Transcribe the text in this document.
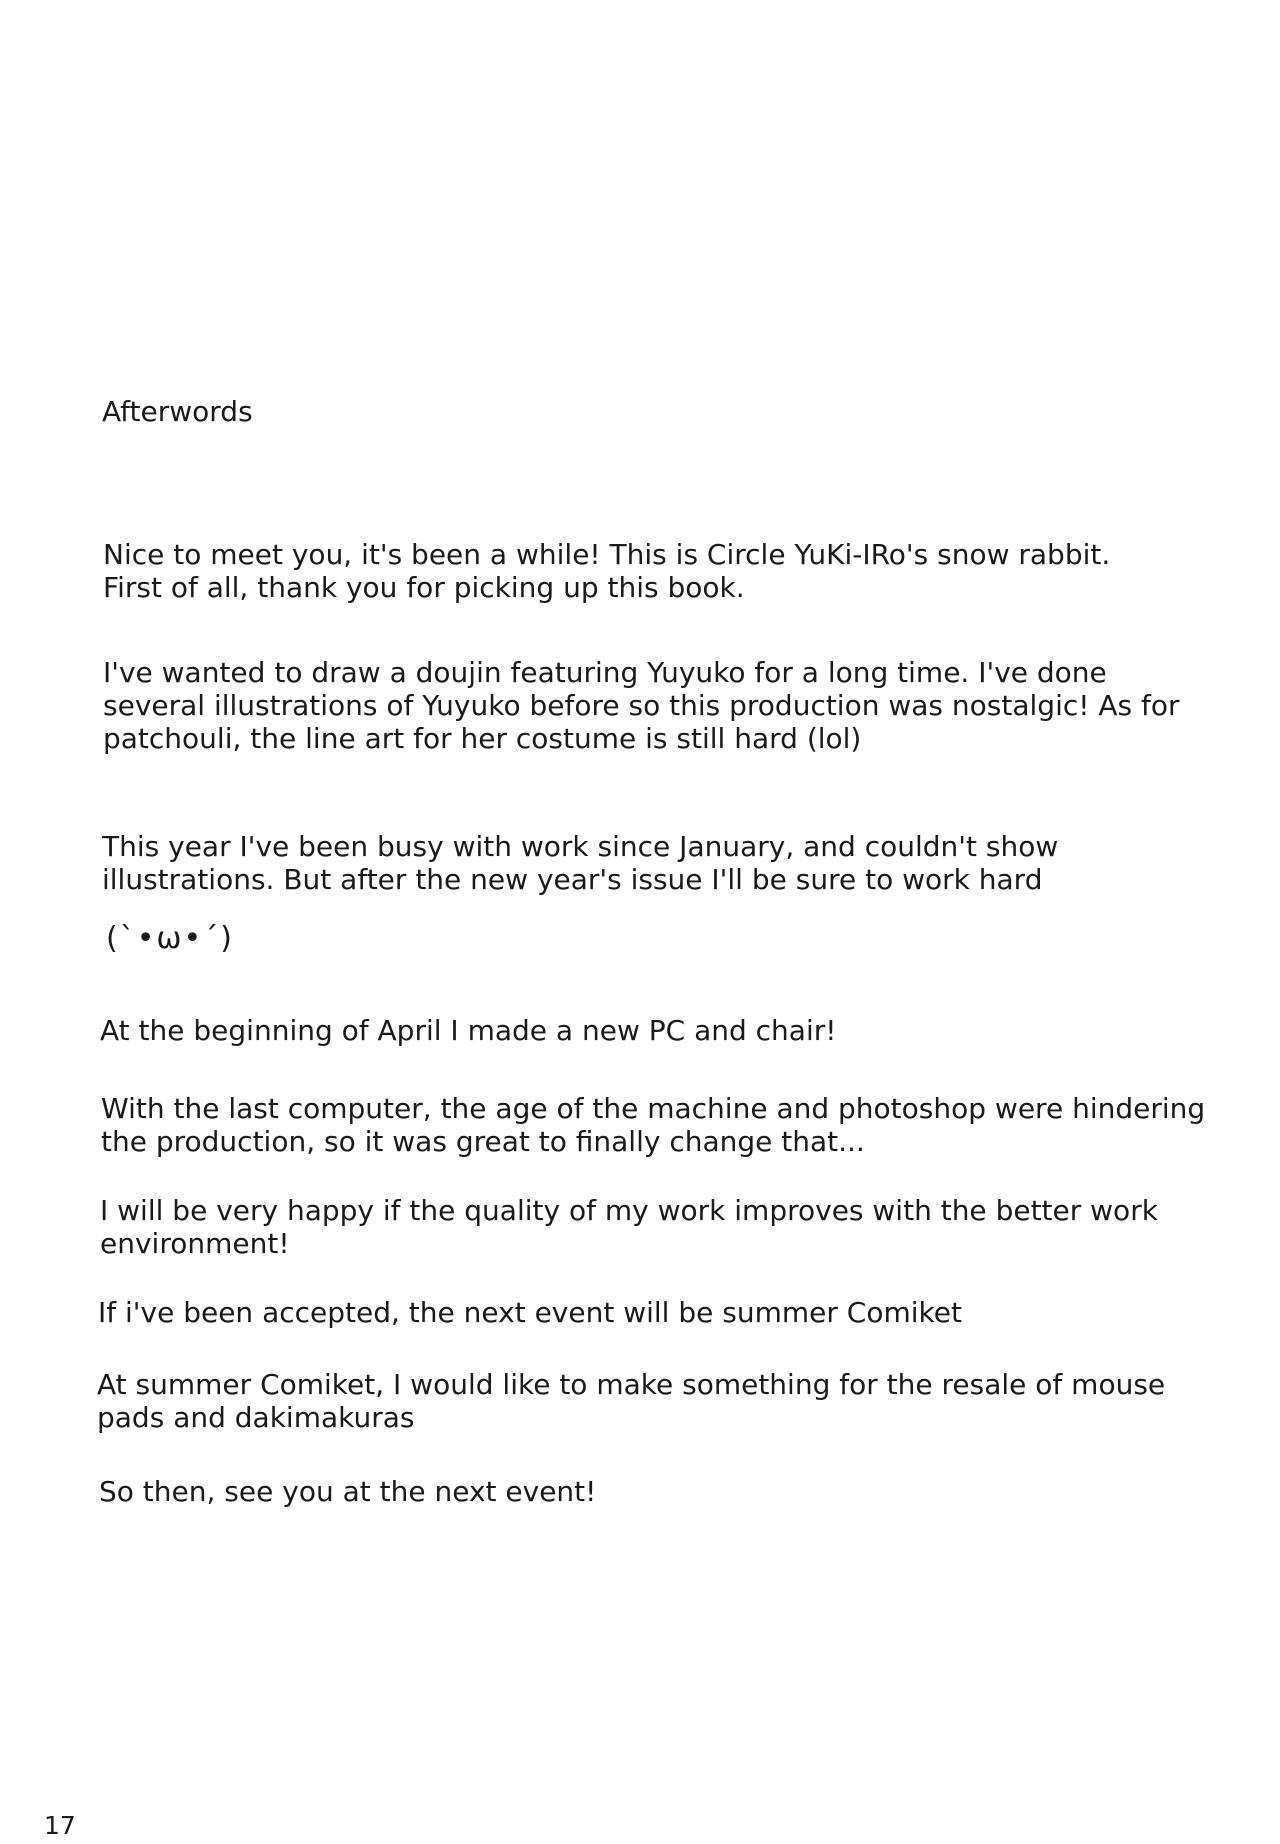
Afterwords

Nice to meet you, it's been a while! This is Circle YuKi-IRo's snow rabbit.
First of all, thank you for picking up this book.

I've wanted to draw a doujin featuring Yuyuko for a long time. I've done
several illustrations of Yuyuko before so this production was nostalgic! As for
patchouli, the line art for her costume is still hard (lol)

This year I've been busy with work since January, and couldn't show
illustrations. But after the new year's issue I'll be sure to work hard

(`•ω•´)

At the beginning of April I made a new PC and chair!

With the last computer, the age of the machine and photoshop were hindering
the production, so it was great to finally change that...

I will be very happy if the quality of my work improves with the better work
environment!

If i've been accepted, the next event will be summer Comiket

At summer Comiket, I would like to make something for the resale of mouse
pads and dakimakuras

So then, see you at the next event!

17
